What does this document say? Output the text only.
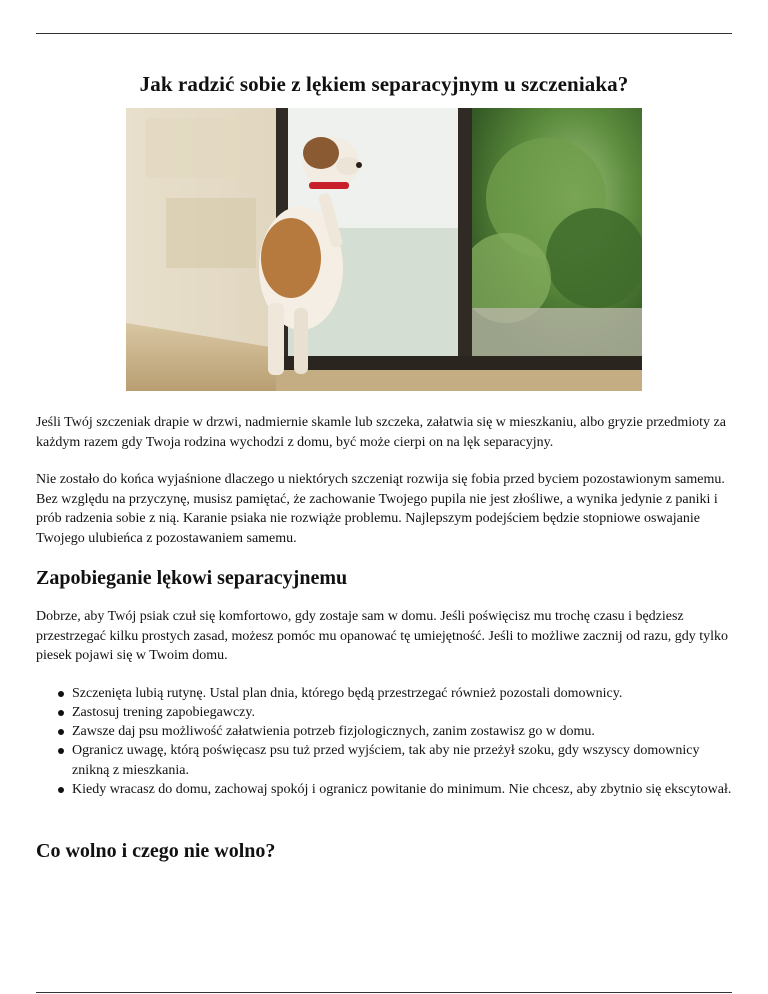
Jak radzić sobie z lękiem separacyjnym u szczeniaka?

Jeśli Twój szczeniak drapie w drzwi, nadmiernie skamle lub szczeka, załatwia się w mieszkaniu, albo gryzie przedmioty za każdym razem gdy Twoja rodzina wychodzi z domu, być może cierpi on na lęk separacyjny.

Nie zostało do końca wyjaśnione dlaczego u niektórych szczeniąt rozwija się fobia przed byciem pozostawionym samemu. Bez względu na przyczynę, musisz pamiętać, że zachowanie Twojego pupila nie jest złośliwe, a wynika jedynie z paniki i prób radzenia sobie z nią. Karanie psiaka nie rozwiąże problemu. Najlepszym podejściem będzie stopniowe oswajanie Twojego ulubieńca z pozostawaniem samemu.

Zapobieganie lękowi separacyjnemu

Dobrze, aby Twój psiak czuł się komfortowo, gdy zostaje sam w domu. Jeśli poświęcisz mu trochę czasu i będziesz przestrzegać kilku prostych zasad, możesz pomóc mu opanować tę umiejętność. Jeśli to możliwe zacznij od razu, gdy tylko piesek pojawi się w Twoim domu.

Szczenięta lubią rutynę. Ustal plan dnia, którego będą przestrzegać również pozostali domownicy.
Zastosuj trening zapobiegawczy.
Zawsze daj psu możliwość załatwienia potrzeb fizjologicznych, zanim zostawisz go w domu.
Ogranicz uwagę, którą poświęcasz psu tuż przed wyjściem, tak aby nie przeżył szoku, gdy wszyscy domownicy znikną z mieszkania.
Kiedy wracasz do domu, zachowaj spokój i ogranicz powitanie do minimum. Nie chcesz, aby zbytnio się ekscytował.
Co wolno i czego nie wolno?
